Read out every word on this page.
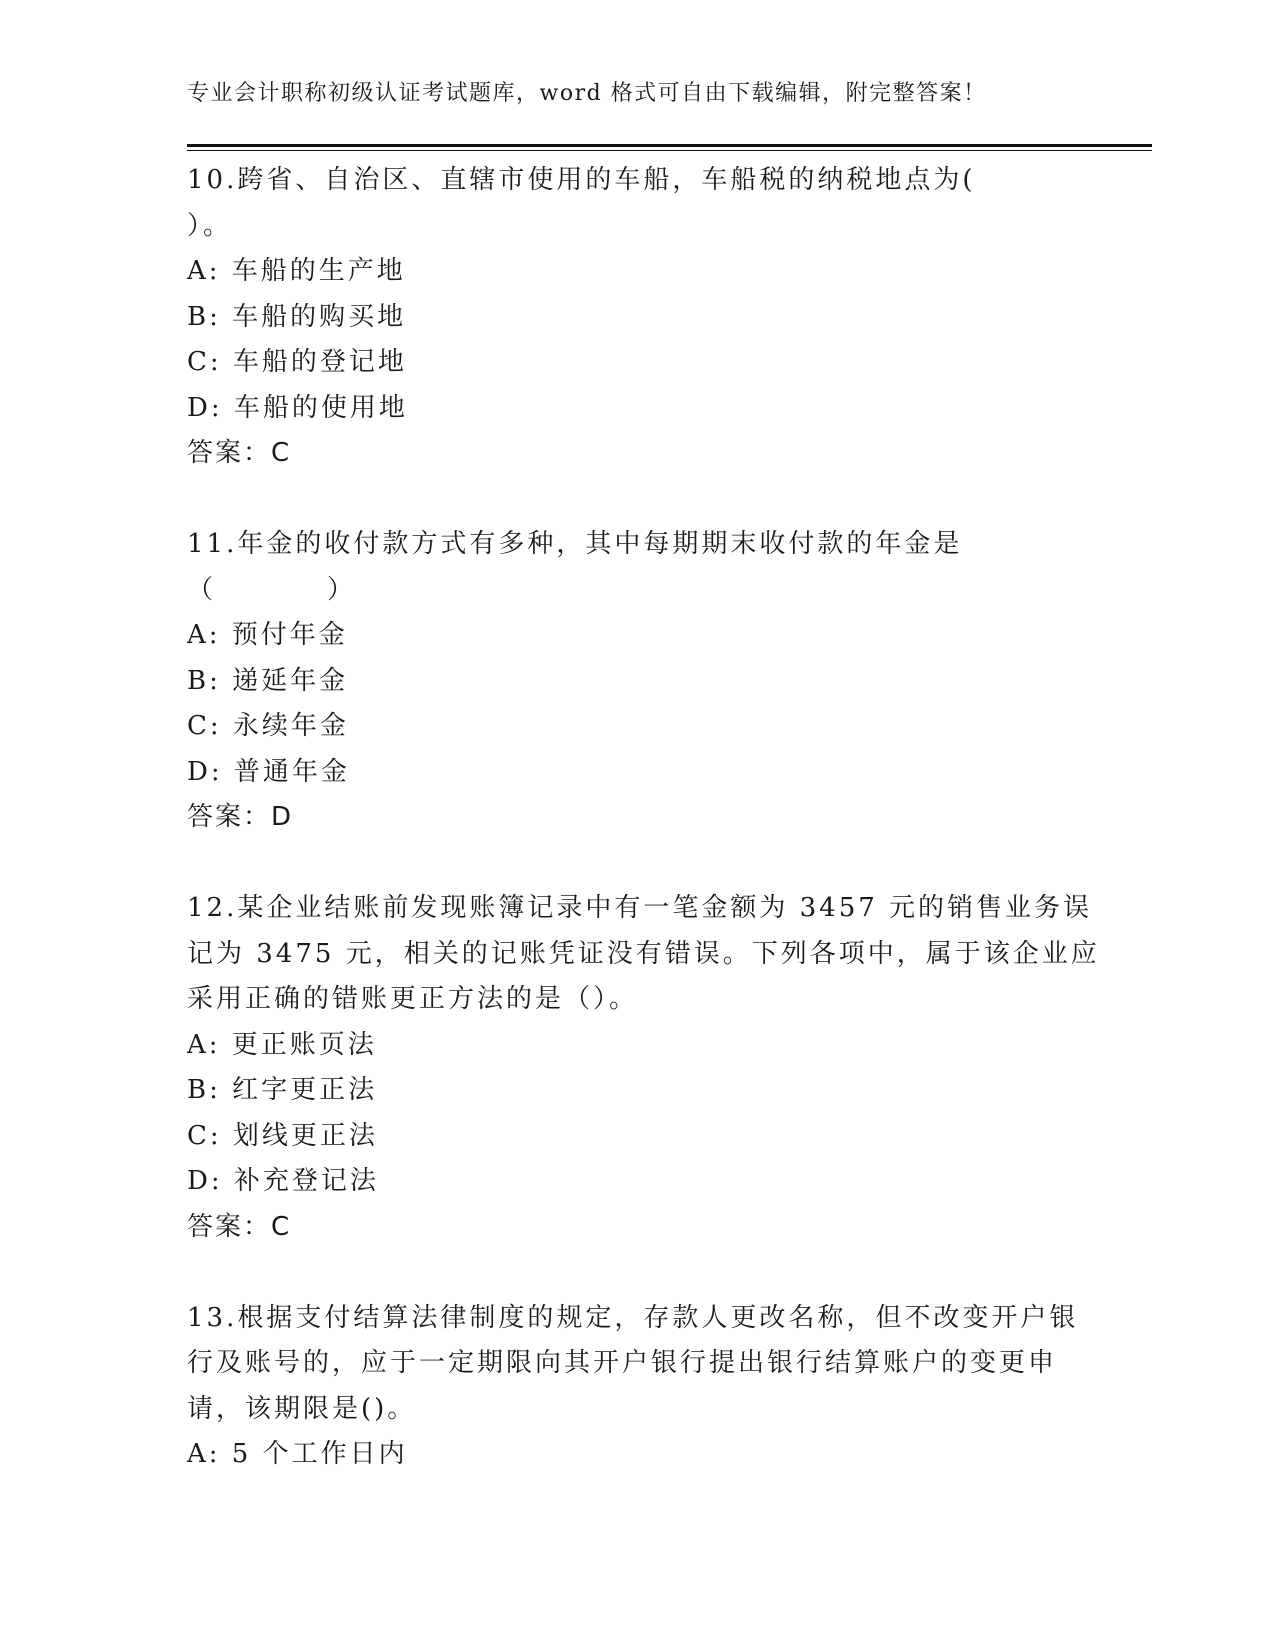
专业会计职称初级认证考试题库，word 格式可自由下载编辑，附完整答案！
10.跨省、自治区、直辖市使用的车船，车船税的纳税地点为(
）。
A: 车船的生产地
B: 车船的购买地
C: 车船的登记地
D: 车船的使用地
答案：C
11.年金的收付款方式有多种，其中每期期末收付款的年金是
（	）
A: 预付年金
B: 递延年金
C: 永续年金
D: 普通年金
答案：D
12.某企业结账前发现账簿记录中有一笔金额为 3457 元的销售业务误
记为 3475 元，相关的记账凭证没有错误。下列各项中，属于该企业应
采用正确的错账更正方法的是（）。
A: 更正账页法
B: 红字更正法
C: 划线更正法
D: 补充登记法
答案：C
13.根据支付结算法律制度的规定，存款人更改名称，但不改变开户银
行及账号的，应于一定期限向其开户银行提出银行结算账户的变更申
请，该期限是()。
A: 5 个工作日内
